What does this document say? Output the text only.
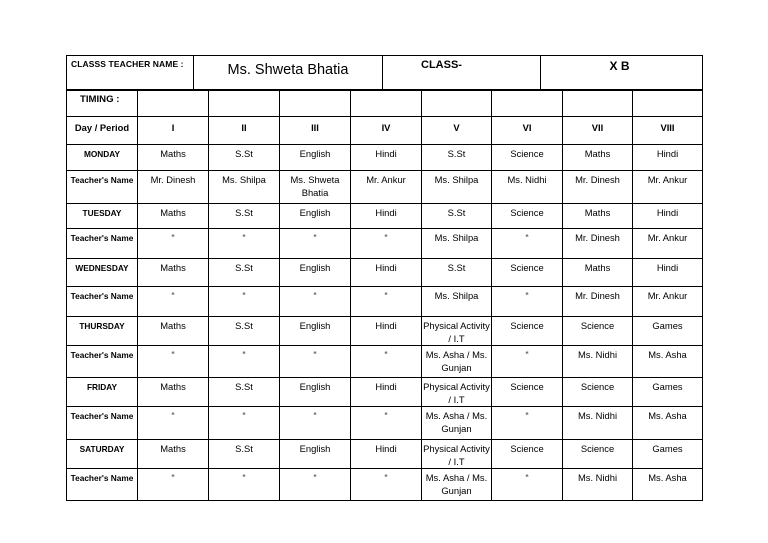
CLASSS TEACHER NAME :	Ms. Shweta Bhatia	CLASS-	X B
TIMING :								
Day / Period	I	II	III	IV	V	VI	VII	VIII
MONDAY	Maths	S.St	English	Hindi	S.St	Science	Maths	Hindi
Teacher's Name	Mr. Dinesh	Ms. Shilpa	Ms. Shweta Bhatia	Mr. Ankur	Ms. Shilpa	Ms. Nidhi	Mr. Dinesh	Mr. Ankur
TUESDAY	Maths	S.St	English	Hindi	S.St	Science	Maths	Hindi
Teacher's Name	“	“	“	“	Ms. Shilpa	“	Mr. Dinesh	Mr. Ankur
WEDNESDAY	Maths	S.St	English	Hindi	S.St	Science	Maths	Hindi
Teacher's Name	“	“	“	“	Ms. Shilpa	“	Mr. Dinesh	Mr. Ankur
THURSDAY	Maths	S.St	English	Hindi	Physical Activity / I.T	Science	Science	Games
Teacher's Name	“	“	“	“	Ms. Asha / Ms. Gunjan	“	Ms. Nidhi	Ms. Asha
FRIDAY	Maths	S.St	English	Hindi	Physical Activity / I.T	Science	Science	Games
Teacher's Name	“	“	“	“	Ms. Asha / Ms. Gunjan	“	Ms. Nidhi	Ms. Asha
SATURDAY	Maths	S.St	English	Hindi	Physical Activity / I.T	Science	Science	Games
Teacher's Name	“	“	“	“	Ms. Asha / Ms. Gunjan	“	Ms. Nidhi	Ms. Asha
